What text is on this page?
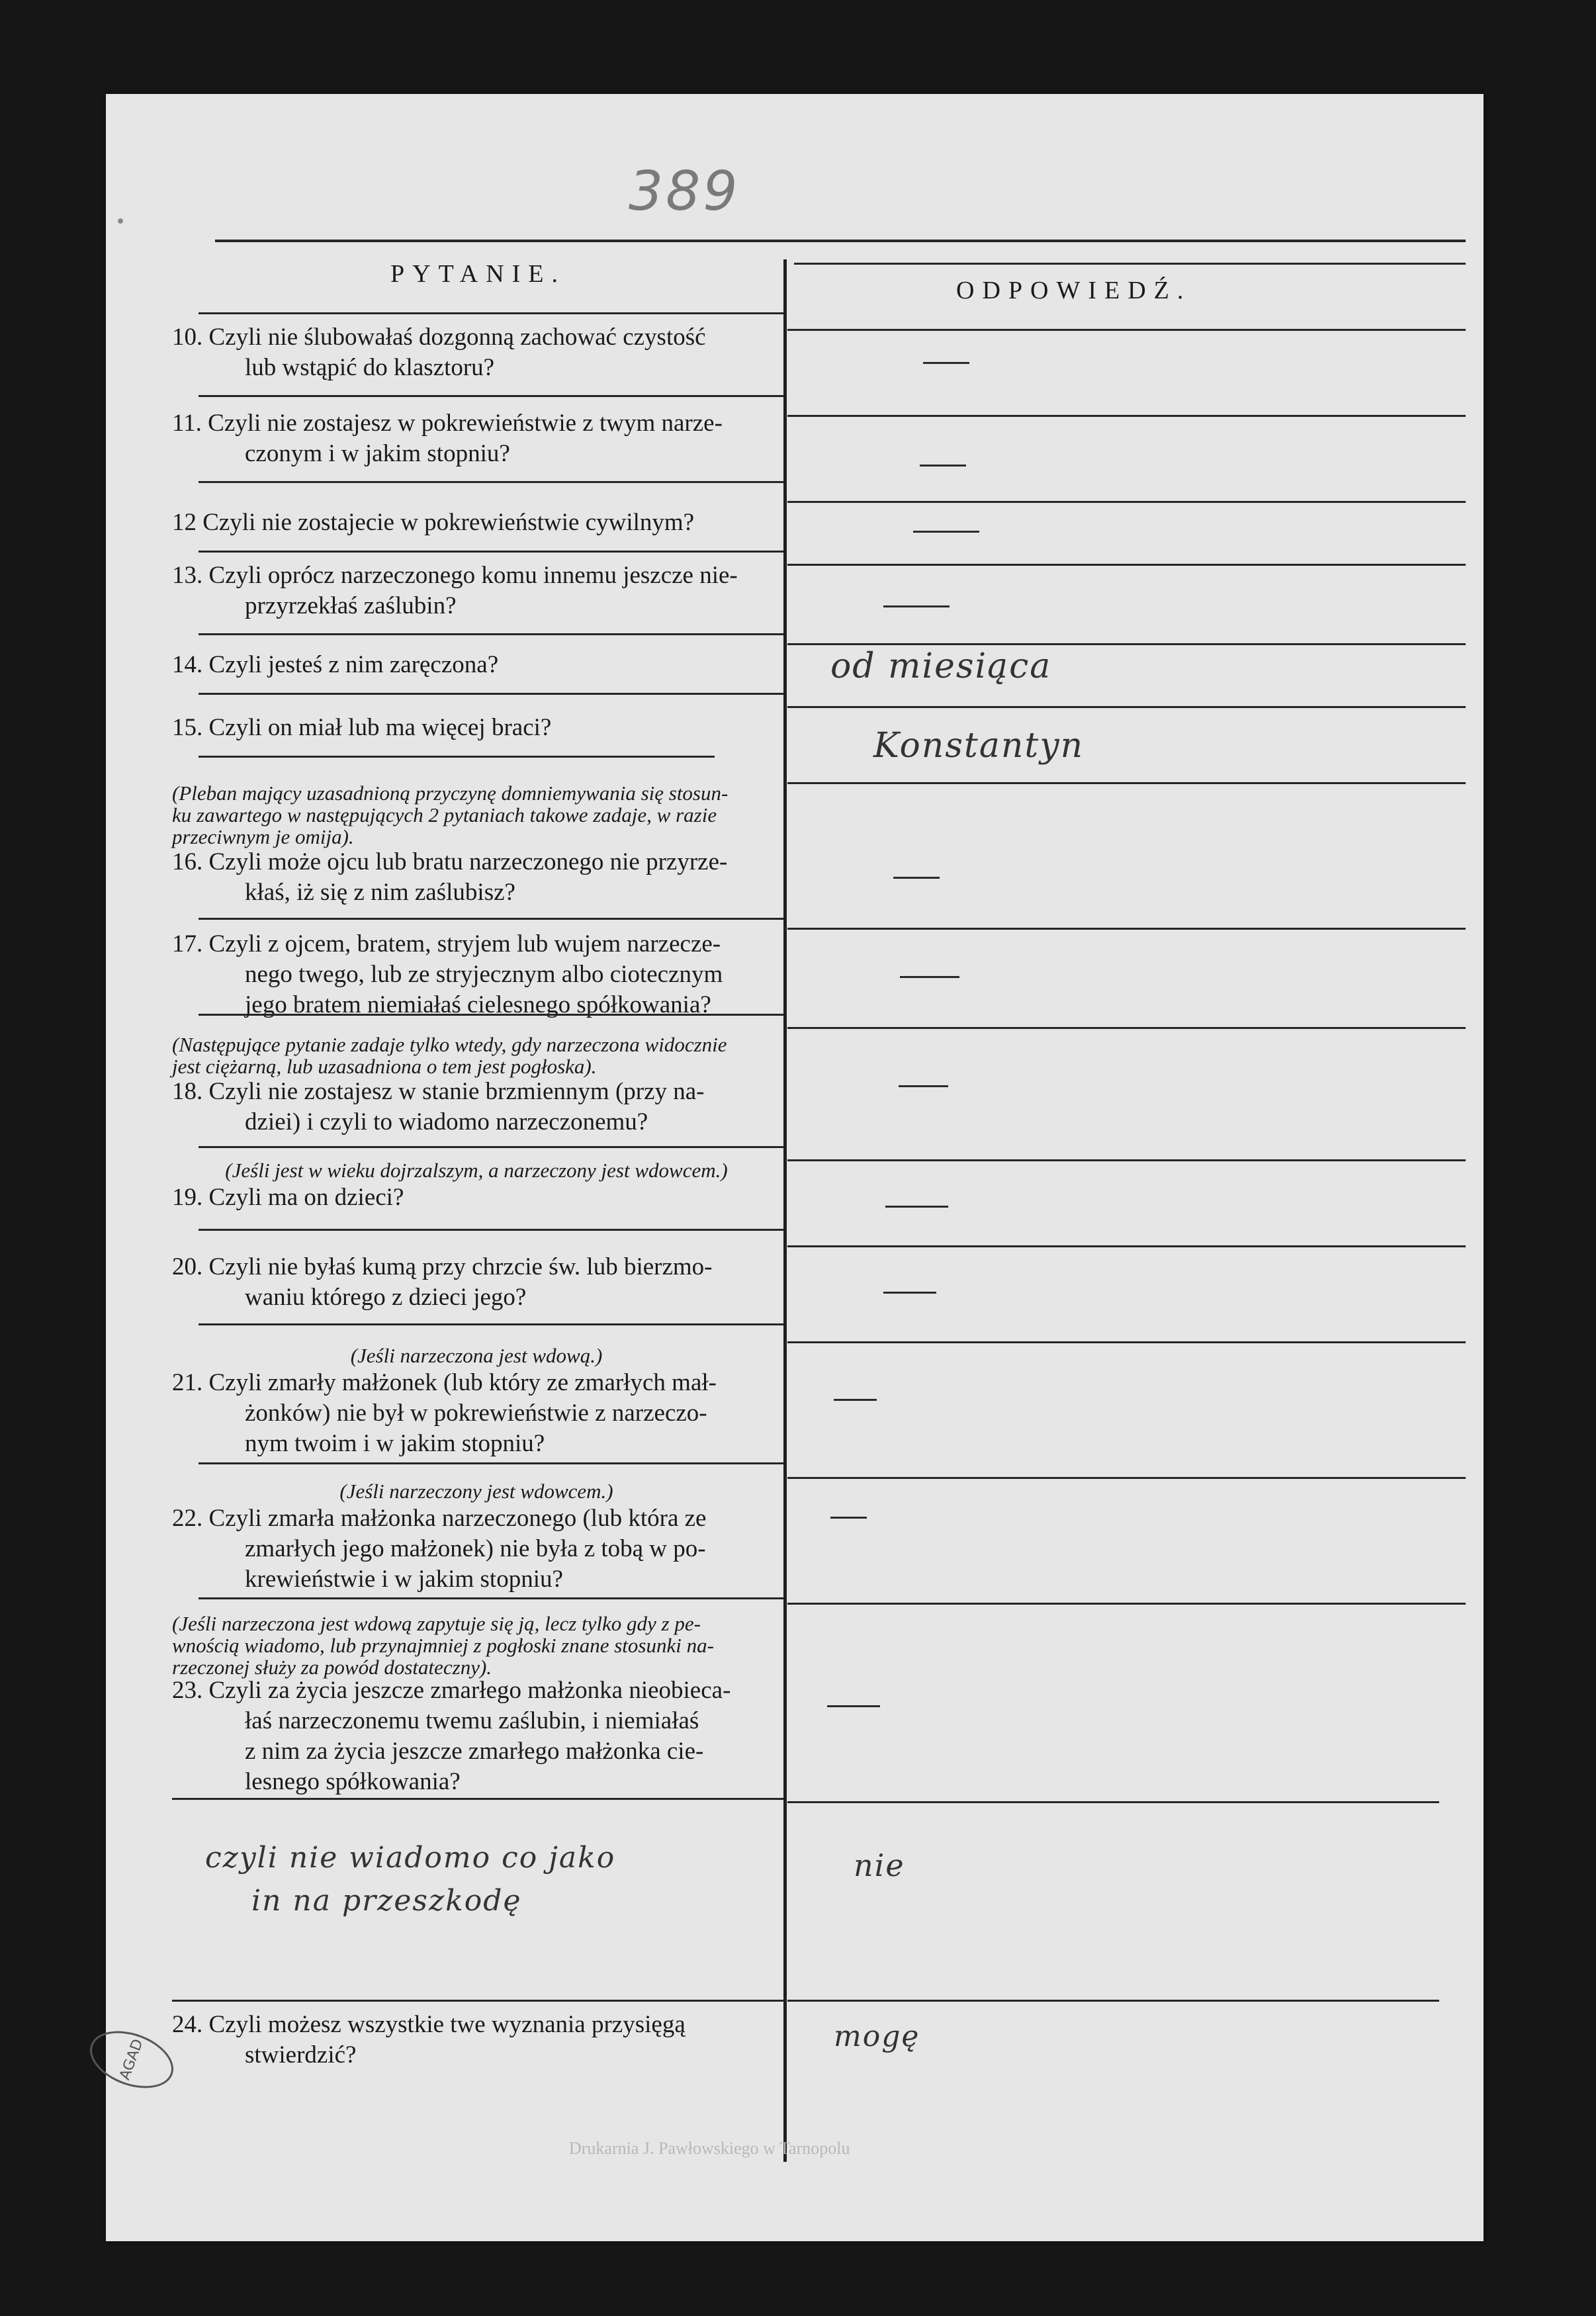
389
PYTANIE.
ODPOWIEDŹ.
10. Czyli nie ślubowałaś dozgonną zachować czystość
lub wstąpić do klasztoru?
11. Czyli nie zostajesz w pokrewieństwie z twym narze-
czonym i w jakim stopniu?
12 Czyli nie zostajecie w pokrewieństwie cywilnym?
13. Czyli oprócz narzeczonego komu innemu jeszcze nie-
przyrzekłaś zaślubin?
14. Czyli jesteś z nim zaręczona?	od miesiąca
15. Czyli on miał lub ma więcej braci?	Konstantyn
(Pleban mający uzasadnioną przyczynę domniemywania się stosun-
ku zawartego w następujących 2 pytaniach takowe zadaje, w razie
przeciwnym je omija).
16. Czyli może ojcu lub bratu narzeczonego nie przyrze-
kłaś, iż się z nim zaślubisz?
17. Czyli z ojcem, bratem, stryjem lub wujem narzecze-
nego twego, lub ze stryjecznym albo ciotecznym
jego bratem niemiałaś cielesnego spółkowania?
(Następujące pytanie zadaje tylko wtedy, gdy narzeczona widocznie
jest ciężarną, lub uzasadniona o tem jest pogłoska).
18. Czyli nie zostajesz w stanie brzmiennym (przy na-
dziei) i czyli to wiadomo narzeczonemu?
(Jeśli jest w wieku dojrzalszym, a narzeczony jest wdowcem.)
19. Czyli ma on dzieci?
20. Czyli nie byłaś kumą przy chrzcie św. lub bierzmo-
waniu którego z dzieci jego?
(Jeśli narzeczona jest wdową.)
21. Czyli zmarły małżonek (lub który ze zmarłych mał-
żonków) nie był w pokrewieństwie z narzeczo-
nym twoim i w jakim stopniu?
(Jeśli narzeczony jest wdowcem.)
22. Czyli zmarła małżonka narzeczonego (lub która ze
zmarłych jego małżonek) nie była z tobą w po-
krewieństwie i w jakim stopniu?
(Jeśli narzeczona jest wdową zapytuje się ją, lecz tylko gdy z pe-
wnością wiadomo, lub przynajmniej z pogłoski znane stosunki na-
rzeczonej służy za powód dostateczny).
23. Czyli za życia jeszcze zmarłego małżonka nieobieca-
łaś narzeczonemu twemu zaślubin, i niemiałaś
z nim za życia jeszcze zmarłego małżonka cie-
lesnego spółkowania?
czyli nie wiadomo co jako
in na przeszkodę
nie
24. Czyli możesz wszystkie twe wyznania przysięgą
stwierdzić?
mogę
AGAD
Drukarnia J. Pawłowskiego w Tarnopolu
